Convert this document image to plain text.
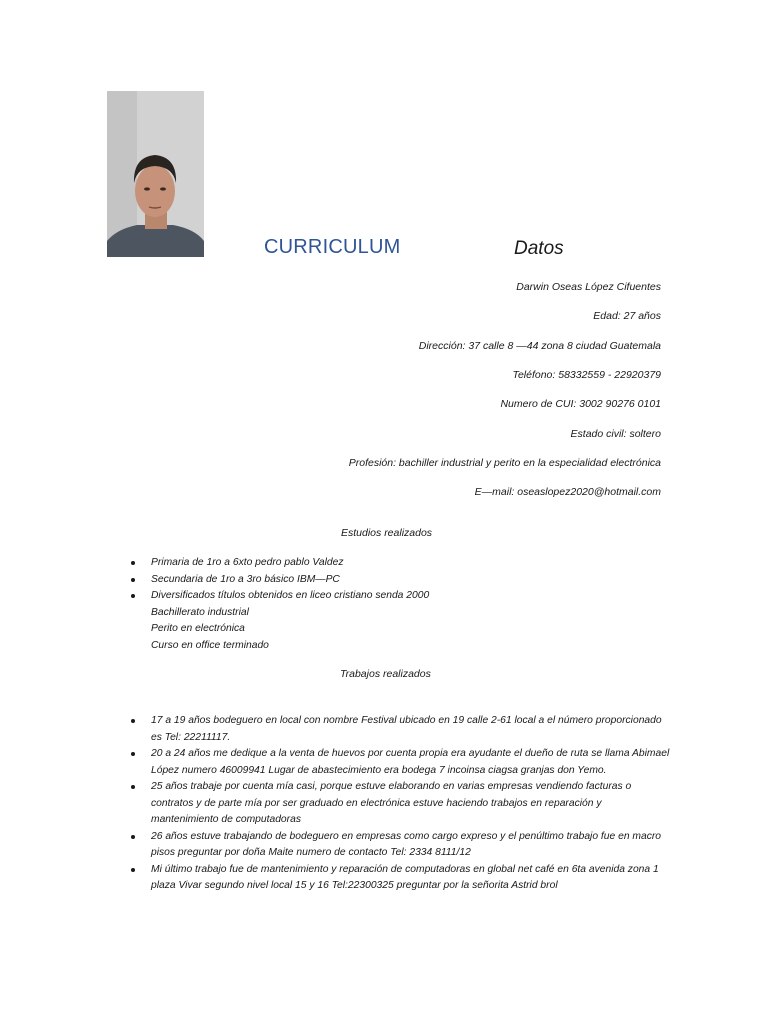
CURRICULUM	Datos
Darwin Oseas López Cifuentes
Edad: 27 años
Dirección: 37 calle 8 —44 zona 8 ciudad Guatemala
Teléfono: 58332559 - 22920379
Numero de CUI: 3002 90276 0101
Estado civil: soltero
Profesión: bachiller industrial y perito en la especialidad electrónica
E—mail: oseaslopez2020@hotmail.com
Estudios realizados
Primaria de 1ro a 6xto pedro pablo Valdez
Secundaria de 1ro a 3ro básico IBM—PC
Diversificados títulos obtenidos en liceo cristiano senda 2000
Bachillerato industrial
Perito en electrónica
Curso en office terminado
Trabajos realizados
17 a 19 años bodeguero en local con nombre Festival ubicado en 19 calle 2-61 local a el número proporcionado es Tel: 22211117.
20 a 24 años me dedique a la venta de huevos por cuenta propia era ayudante el dueño de ruta se llama Abimael López numero 46009941 Lugar de abastecimiento era bodega 7 incoinsa ciagsa granjas don Yemo.
25 años trabaje por cuenta mía casi, porque estuve elaborando en varias empresas vendiendo facturas o contratos y de parte mía por ser graduado en electrónica estuve haciendo trabajos en reparación y mantenimiento de computadoras
26 años estuve trabajando de bodeguero en empresas como cargo expreso y el penúltimo trabajo fue en macro pisos preguntar por doña Maite numero de contacto Tel: 2334 8111/12
Mi último trabajo fue de mantenimiento y reparación de computadoras en global net café en 6ta avenida zona 1 plaza Vivar segundo nivel local 15 y 16 Tel:22300325 preguntar por la señorita Astrid brol
